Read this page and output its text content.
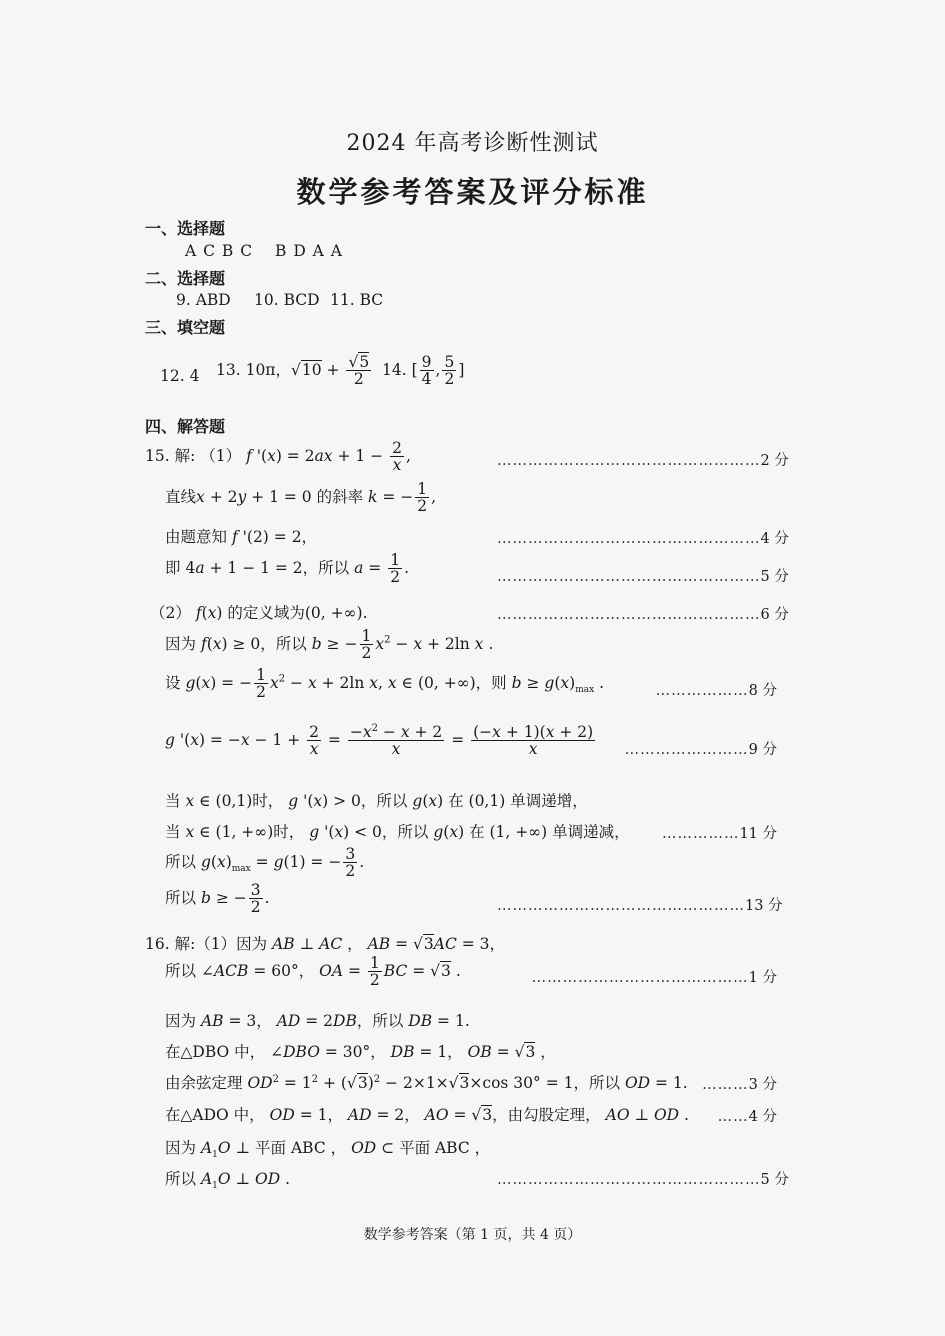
2024 年高考诊断性测试
数学参考答案及评分标准
一、选择题
A C B C B D A A
二、选择题
9. ABD 10. BCD 11. BC
三、填空题
12. 4 13. 10π，$√10 + \frac{√5}{2} 14$. [ $\frac{9}{4}$ , $\frac{5}{2}$ ]
四、解答题
15. 解: （1） f '$(x) = 2ax + 1 - \frac{2}{x}$ ,	……………………………………………2 分
直线x + 2y + 1 = 0 的斜率 k = − $\frac{1}{2}$ ,
由题意知 f '(2) = 2，	……………………………………………4 分
即 4a + 1 − 1 = 2，所以 $a = \frac{1}{2}$ .
……………………………………………5 分
（2） f(x) 的定义域为(0, +∞).	……………………………………………6 分
因为 f(x) ≥ 0，所以 b ≥ − $\frac{1}{2} x^2 - x + 2\ln$ x .
设 g(x) = − $\frac{1}{2} x^2 - x + 2\ln$ x, x ∈ (0, +∞)，则 $b \ge g(x)_{max}$ .	………………8 分
g '$(x) = -x - 1 + \frac{2}{x} = \frac{-x^2 - x + 2}{x} = \frac{(-x + 1)(x + 2)}{x}$	……………………9 分
当 x ∈ (0,1)时， g '(x) > 0，所以 g(x) 在 (0,1) 单调递增，
当 x ∈ (1, +∞)时， g '(x) < 0，所以 g(x) 在 (1, +∞) 单调递减，	……………11 分
所以 $g(x)_{max} = g(1)$ = − $\frac{3}{2}$ .
所以 b ≥ − $\frac{3}{2}$ .	…………………………………………13 分
16. 解:（1）因为 AB ⊥ AC ， AB = √3AC = 3，
所以 ∠ACB = 60°， OA = $\frac{1}{2}$ BC = √3 .	……………………………………1 分
因为 AB = 3， AD = 2DB，所以 DB = 1.
在△DBO 中， ∠DBO = 30°， DB = 1， OB = √3 ，
由余弦定理 $OD^2 = 1^2 + (√3)^2 - 2\times 1\times√3\times\cos$ 30° = 1，所以 OD = 1. ………3 分
在△ADO 中， OD = 1， AD = 2， AO = √3，由勾股定理， AO ⊥ OD .	……4 分
因为 $A_1O$ ⊥ 平面 ABC ， OD ⊂ 平面 ABC ，
所以 $A_1O$ ⊥ OD .	……………………………………………5 分
数学参考答案（第 1 页，共 4 页）
